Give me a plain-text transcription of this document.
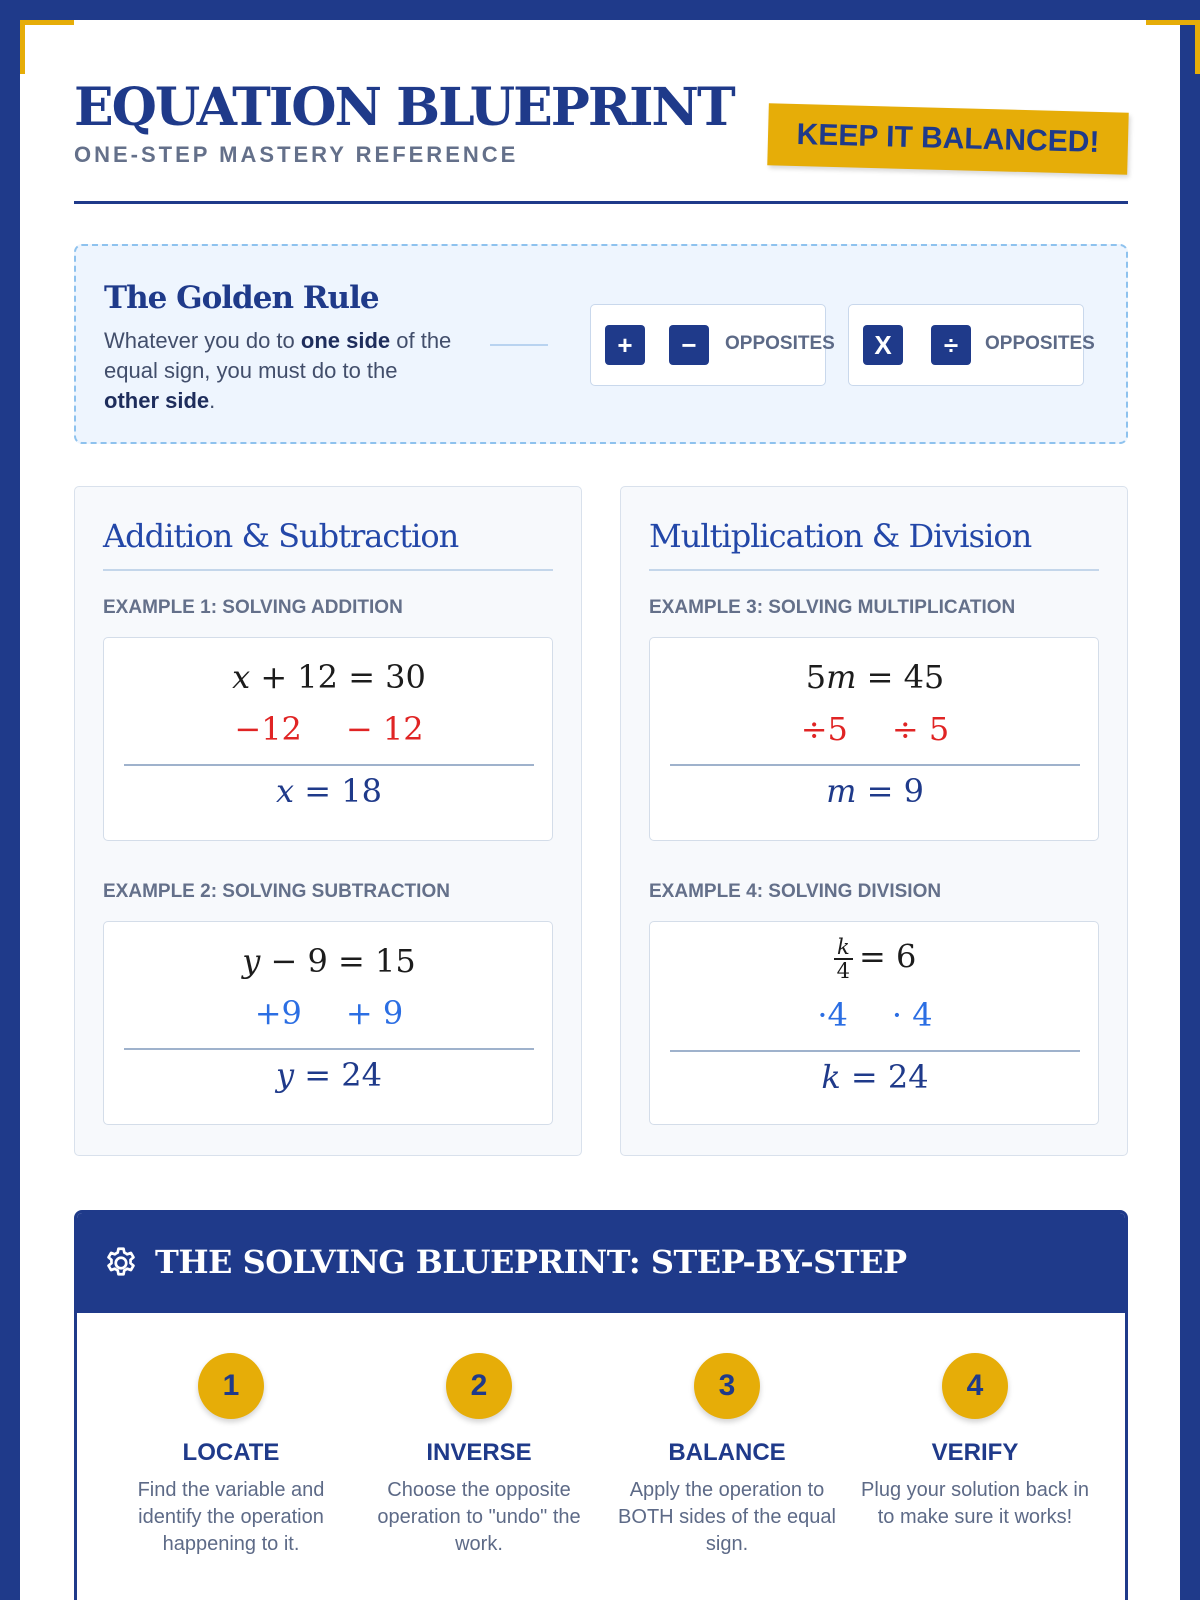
EQUATION BLUEPRINT
ONE-STEP MASTERY REFERENCE	KEEP IT BALANCED!
The Golden Rule
Whatever you do to one side of the equal sign, you must do to the other side.
+	−	OPPOSITES	X	÷	OPPOSITES
Addition & Subtraction
EXAMPLE 1: SOLVING ADDITION
x + 12 = 30
−12 − 12
x = 18
EXAMPLE 2: SOLVING SUBTRACTION
y − 9 = 15
+9 + 9
y = 24
Multiplication & Division
EXAMPLE 3: SOLVING MULTIPLICATION
5m = 45
÷5 ÷ 5
m = 9
EXAMPLE 4: SOLVING DIVISION
$\frac{k}{4} = 6$
·4 · 4
k = 24
THE SOLVING BLUEPRINT: STEP-BY-STEP
1
LOCATE
Find the variable and identify the operation happening to it.
2
INVERSE
Choose the opposite operation to "undo" the work.
3
BALANCE
Apply the operation to BOTH sides of the equal sign.
4
VERIFY
Plug your solution back in to make sure it works!
